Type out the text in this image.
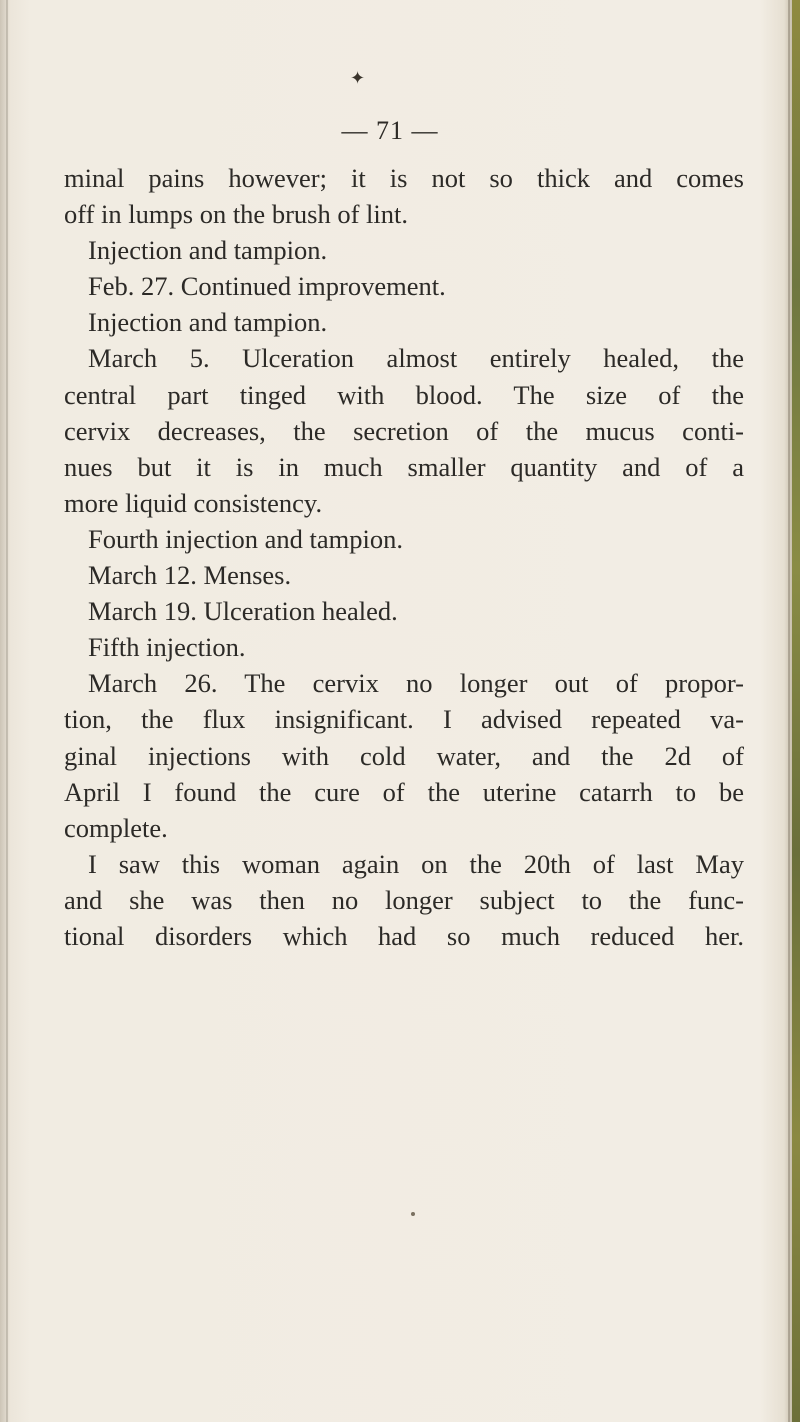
✦
— 71 —
minal pains however; it is not so thick and comes
off in lumps on the brush of lint.
Injection and tampion.
Feb. 27. Continued improvement.
Injection and tampion.
March 5. Ulceration almost entirely healed, the
central part tinged with blood. The size of the
cervix decreases, the secretion of the mucus conti-
nues but it is in much smaller quantity and of a
more liquid consistency.
Fourth injection and tampion.
March 12. Menses.
March 19. Ulceration healed.
Fifth injection.
March 26. The cervix no longer out of propor-
tion, the flux insignificant. I advised repeated va-
ginal injections with cold water, and the 2d of
April I found the cure of the uterine catarrh to be
complete.
I saw this woman again on the 20th of last May
and she was then no longer subject to the func-
tional disorders which had so much reduced her.
